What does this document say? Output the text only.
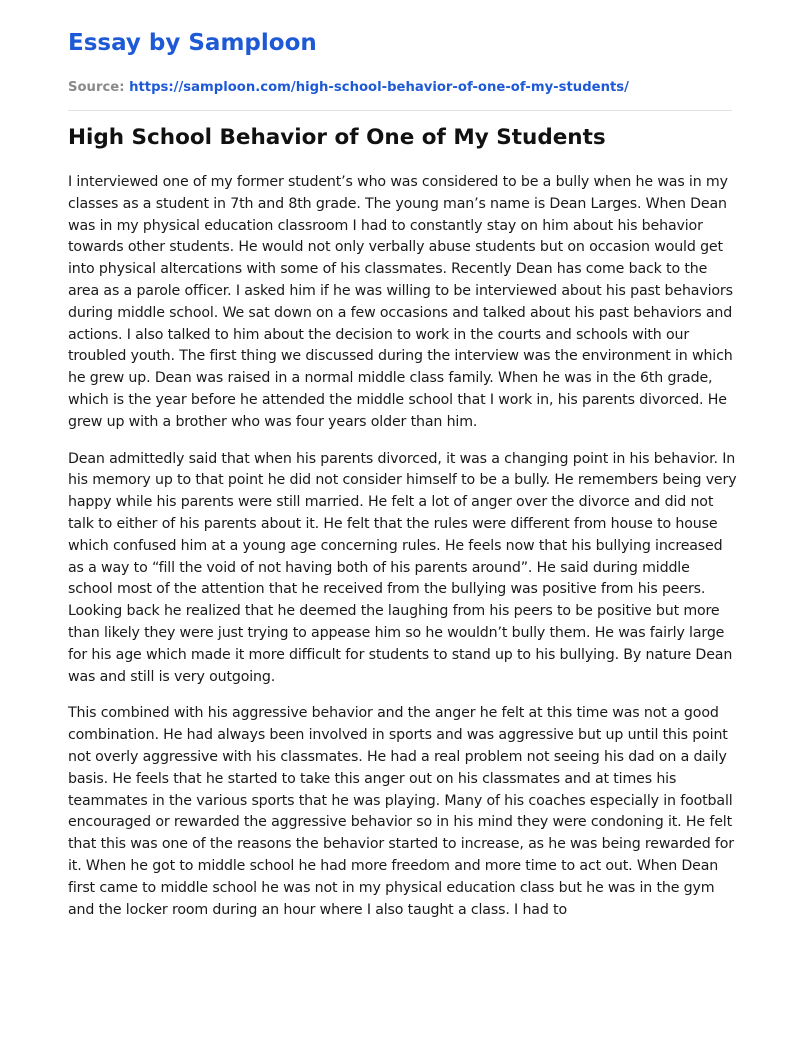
Essay by Samploon

Source: https://samploon.com/high-school-behavior-of-one-of-my-students/

High School Behavior of One of My Students

I interviewed one of my former student’s who was considered to be a bully when he was in my classes as a student in 7th and 8th grade. The young man’s name is Dean Larges. When Dean was in my physical education classroom I had to constantly stay on him about his behavior towards other students. He would not only verbally abuse students but on occasion would get into physical altercations with some of his classmates. Recently Dean has come back to the area as a parole officer. I asked him if he was willing to be interviewed about his past behaviors during middle school. We sat down on a few occasions and talked about his past behaviors and actions. I also talked to him about the decision to work in the courts and schools with our troubled youth. The first thing we discussed during the interview was the environment in which he grew up. Dean was raised in a normal middle class family. When he was in the 6th grade, which is the year before he attended the middle school that I work in, his parents divorced. He grew up with a brother who was four years older than him.

Dean admittedly said that when his parents divorced, it was a changing point in his behavior. In his memory up to that point he did not consider himself to be a bully. He remembers being very happy while his parents were still married. He felt a lot of anger over the divorce and did not talk to either of his parents about it. He felt that the rules were different from house to house which confused him at a young age concerning rules. He feels now that his bullying increased as a way to “fill the void of not having both of his parents around”. He said during middle school most of the attention that he received from the bullying was positive from his peers. Looking back he realized that he deemed the laughing from his peers to be positive but more than likely they were just trying to appease him so he wouldn’t bully them. He was fairly large for his age which made it more difficult for students to stand up to his bullying. By nature Dean was and still is very outgoing.

This combined with his aggressive behavior and the anger he felt at this time was not a good combination. He had always been involved in sports and was aggressive but up until this point not overly aggressive with his classmates. He had a real problem not seeing his dad on a daily basis. He feels that he started to take this anger out on his classmates and at times his teammates in the various sports that he was playing. Many of his coaches especially in football encouraged or rewarded the aggressive behavior so in his mind they were condoning it. He felt that this was one of the reasons the behavior started to increase, as he was being rewarded for it. When he got to middle school he had more freedom and more time to act out. When Dean first came to middle school he was not in my physical education class but he was in the gym and the locker room during an hour where I also taught a class. I had to
